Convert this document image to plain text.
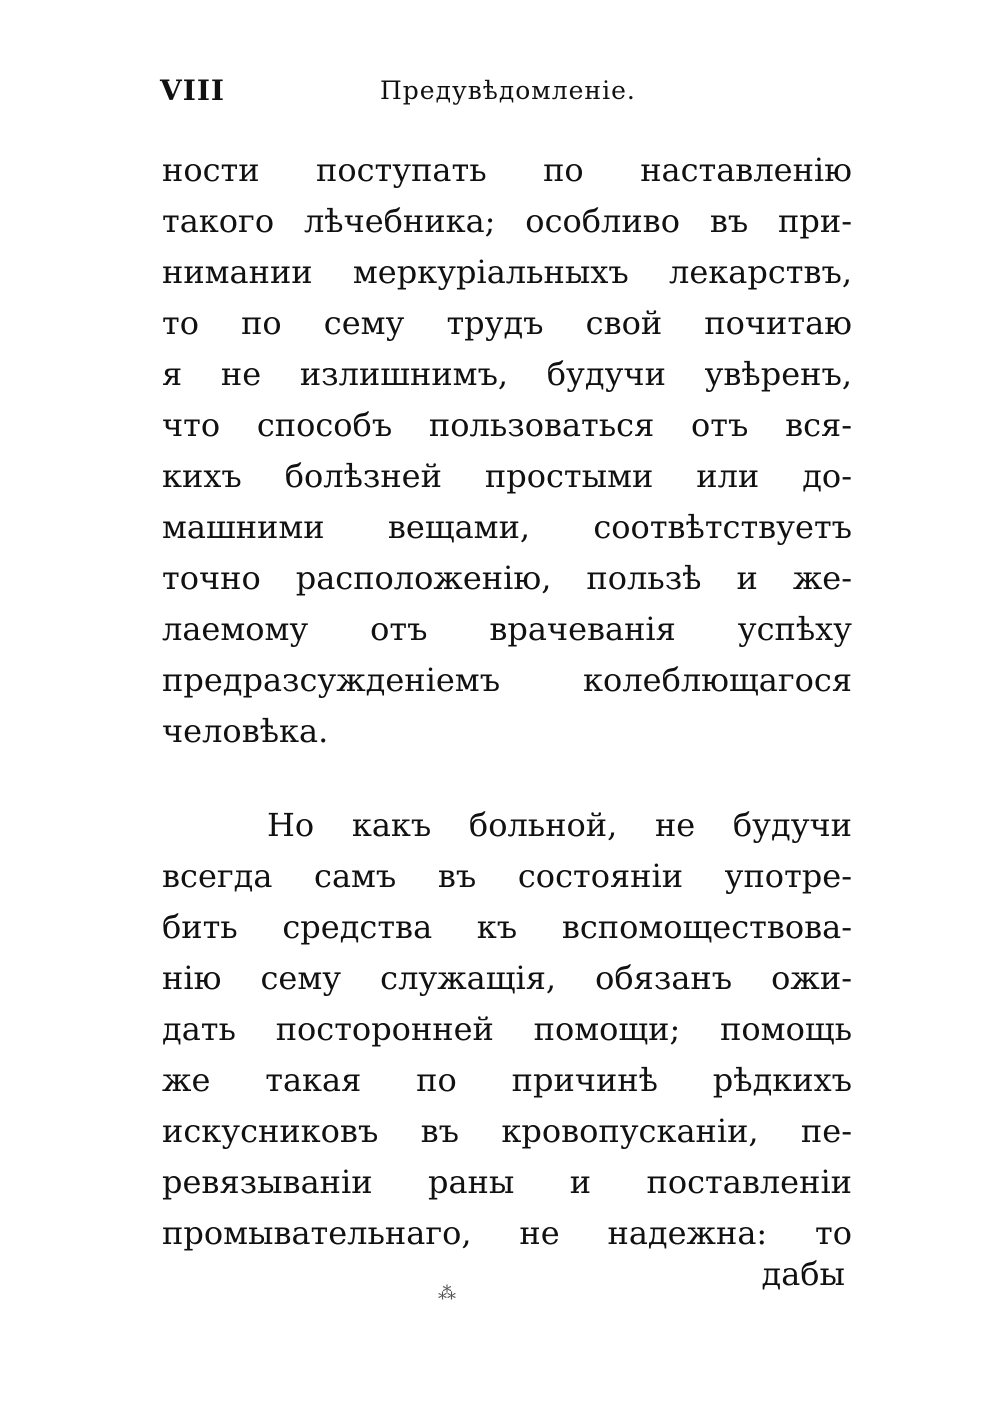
VIII	Предувѣдомленіе.
ности поступать по наставленію
такого лѣчебника; особливо въ при-
нимании меркуріальныхъ лекарствъ,
то по сему трудъ свой почитаю
я не излишнимъ, будучи увѣренъ,
что способъ пользоваться отъ вся-
кихъ болѣзней простыми или до-
машними вещами, соотвѣтствуетъ
точно расположенію, пользѣ и же-
лаемому отъ врачеванія успѣху
предразсужденіемъ колеблющагося
человѣка.
Но какъ больной, не будучи
всегда самъ въ состояніи употре-
бить средства къ вспомоществова-
нію сему служащія, обязанъ ожи-
дать посторонней помощи; помощь
же такая по причинѣ рѣдкихъ
искусниковъ въ кровопусканіи, пе-
ревязываніи раны и поставленіи
промывательнаго, не надежна: то
⁂
дабы
